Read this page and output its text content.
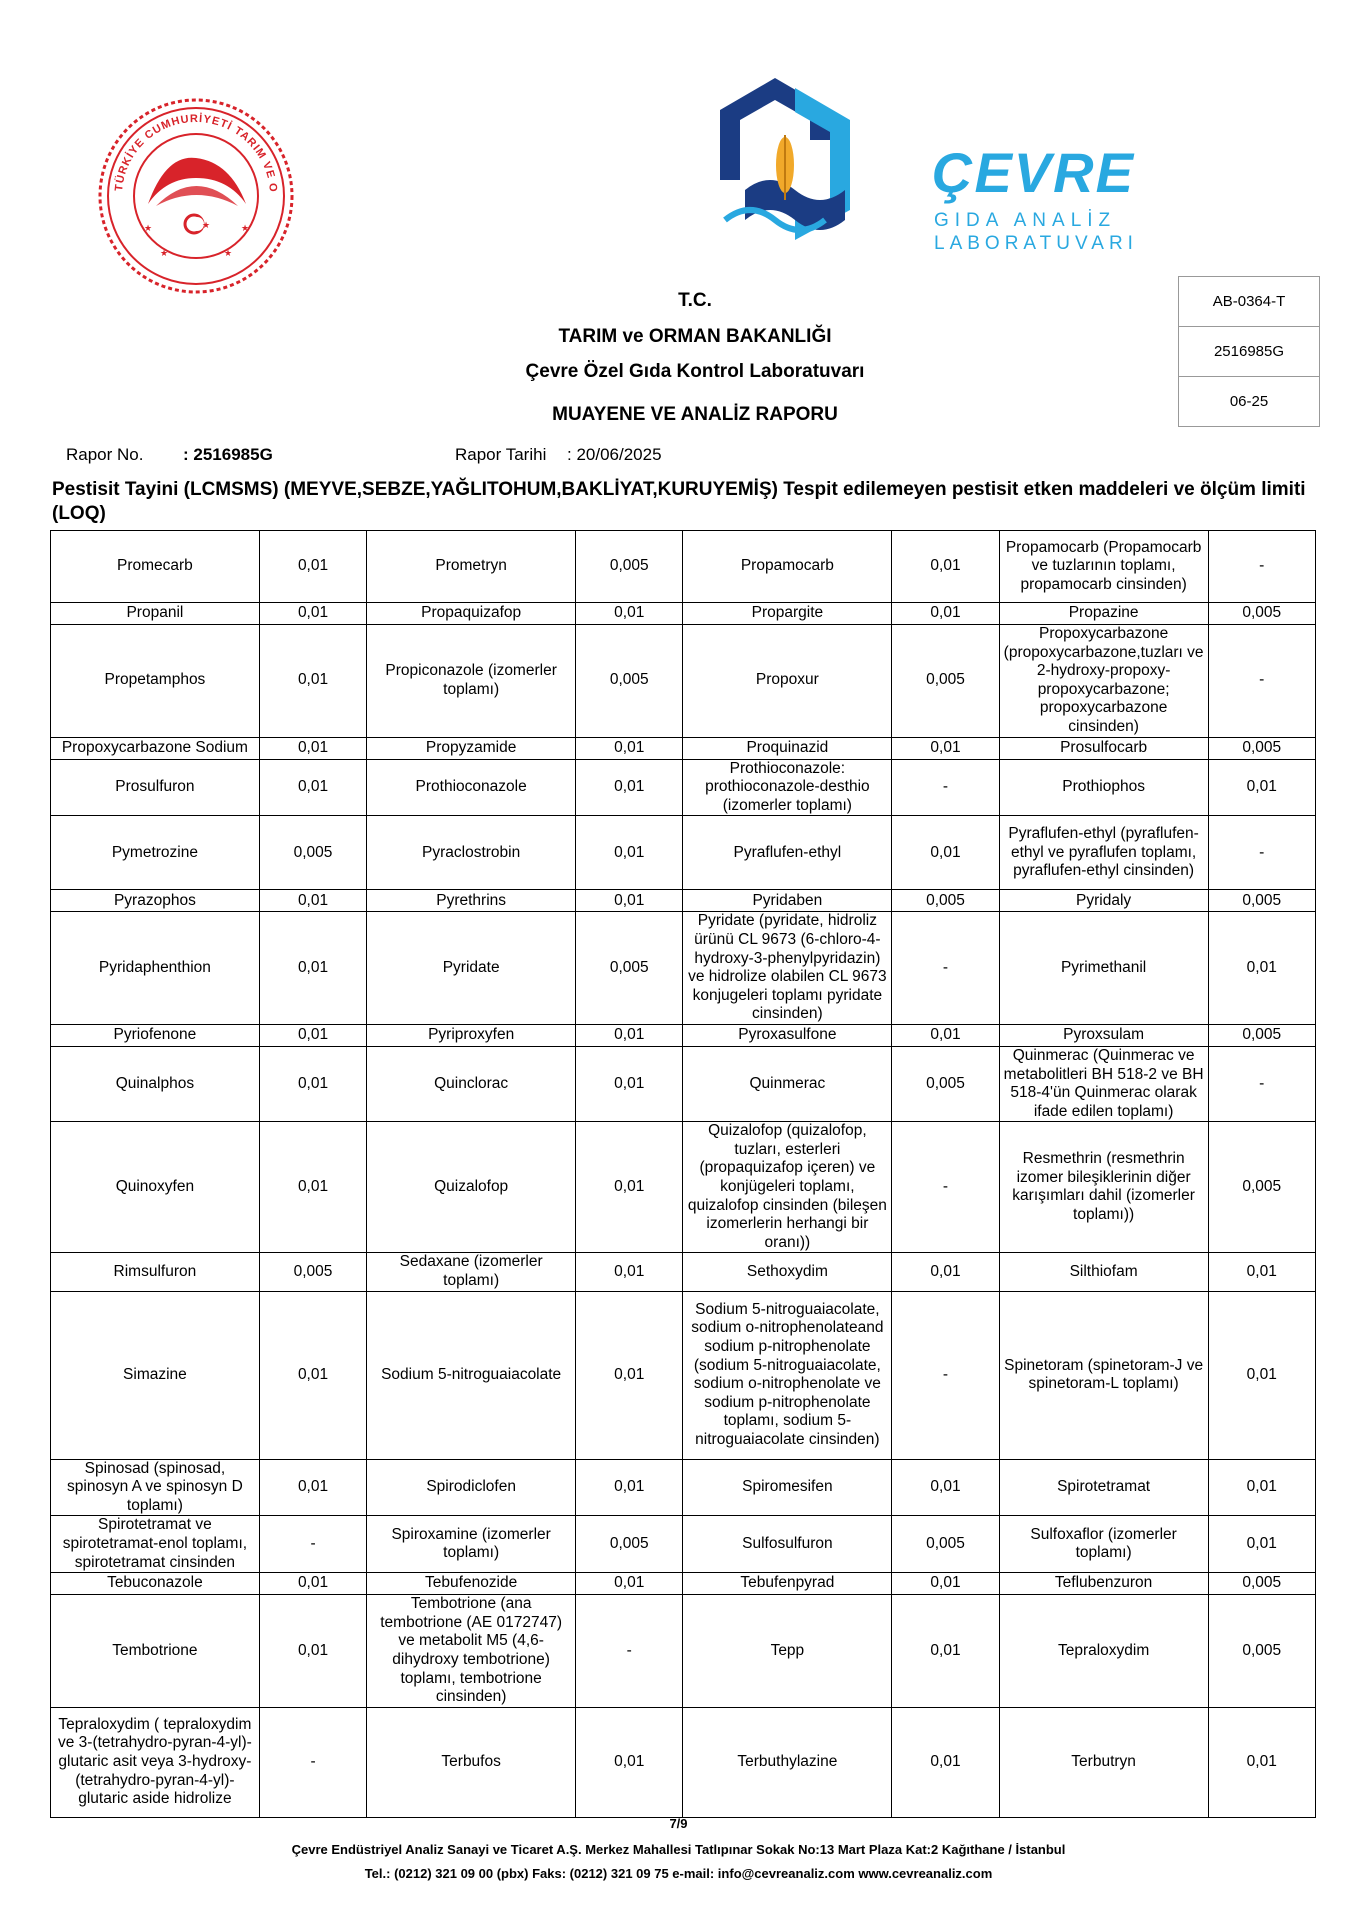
TÜRKİYE CUMHURİYETİ TARIM VE O
★
★	★
★	★
ÇEVRE
GIDA ANALİZ
LABORATUVARI
T.C.
TARIM ve ORMAN BAKANLIĞI
Çevre Özel Gıda Kontrol Laboratuvarı
MUAYENE VE ANALİZ RAPORU
AB-0364-T
2516985G
06-25
Rapor No. : 2516985G	Rapor Tarihi : 20/06/2025
Pestisit Tayini (LCMSMS) (MEYVE,SEBZE,YAĞLITOHUM,BAKLİYAT,KURUYEMİŞ) Tespit edilemeyen pestisit etken maddeleri ve ölçüm limiti (LOQ)
Promecarb	0,01	Prometryn	0,005	Propamocarb	0,01	Propamocarb (Propamocarb ve tuzlarının toplamı, propamocarb cinsinden)	-
Propanil	0,01	Propaquizafop	0,01	Propargite	0,01	Propazine	0,005
Propetamphos	0,01	Propiconazole (izomerler toplamı)	0,005	Propoxur	0,005	Propoxycarbazone (propoxycarbazone,tuzları ve 2-hydroxy-propoxy-propoxycarbazone; propoxycarbazone cinsinden)	-
Propoxycarbazone Sodium	0,01	Propyzamide	0,01	Proquinazid	0,01	Prosulfocarb	0,005
Prosulfuron	0,01	Prothioconazole	0,01	Prothioconazole: prothioconazole-desthio (izomerler toplamı)	-	Prothiophos	0,01
Pymetrozine	0,005	Pyraclostrobin	0,01	Pyraflufen-ethyl	0,01	Pyraflufen-ethyl (pyraflufen-ethyl ve pyraflufen toplamı, pyraflufen-ethyl cinsinden)	-
Pyrazophos	0,01	Pyrethrins	0,01	Pyridaben	0,005	Pyridaly	0,005
Pyridaphenthion	0,01	Pyridate	0,005	Pyridate (pyridate, hidroliz ürünü CL 9673 (6-chloro-4-hydroxy-3-phenylpyridazin) ve hidrolize olabilen CL 9673 konjugeleri toplamı pyridate cinsinden)	-	Pyrimethanil	0,01
Pyriofenone	0,01	Pyriproxyfen	0,01	Pyroxasulfone	0,01	Pyroxsulam	0,005
Quinalphos	0,01	Quinclorac	0,01	Quinmerac	0,005	Quinmerac (Quinmerac ve metabolitleri BH 518-2 ve BH 518-4'ün Quinmerac olarak ifade edilen toplamı)	-
Quinoxyfen	0,01	Quizalofop	0,01	Quizalofop (quizalofop, tuzları, esterleri (propaquizafop içeren) ve konjügeleri toplamı, quizalofop cinsinden (bileşen izomerlerin herhangi bir oranı))	-	Resmethrin (resmethrin izomer bileşiklerinin diğer karışımları dahil (izomerler toplamı))	0,005
Rimsulfuron	0,005	Sedaxane (izomerler toplamı)	0,01	Sethoxydim	0,01	Silthiofam	0,01
Simazine	0,01	Sodium 5-nitroguaiacolate	0,01	Sodium 5-nitroguaiacolate, sodium o-nitrophenolateand sodium p-nitrophenolate (sodium 5-nitroguaiacolate, sodium o-nitrophenolate ve sodium p-nitrophenolate toplamı, sodium 5-nitroguaiacolate cinsinden)	-	Spinetoram (spinetoram-J ve spinetoram-L toplamı)	0,01
Spinosad (spinosad, spinosyn A ve spinosyn D toplamı)	0,01	Spirodiclofen	0,01	Spiromesifen	0,01	Spirotetramat	0,01
Spirotetramat ve spirotetramat-enol toplamı, spirotetramat cinsinden	-	Spiroxamine (izomerler toplamı)	0,005	Sulfosulfuron	0,005	Sulfoxaflor (izomerler toplamı)	0,01
Tebuconazole	0,01	Tebufenozide	0,01	Tebufenpyrad	0,01	Teflubenzuron	0,005
Tembotrione	0,01	Tembotrione (ana tembotrione (AE 0172747) ve metabolit M5 (4,6-dihydroxy tembotrione) toplamı, tembotrione cinsinden)	-	Tepp	0,01	Tepraloxydim	0,005
Tepraloxydim ( tepraloxydim ve 3-(tetrahydro-pyran-4-yl)-glutaric asit veya 3-hydroxy-(tetrahydro-pyran-4-yl)-glutaric aside hidrolize	-	Terbufos	0,01	Terbuthylazine	0,01	Terbutryn	0,01
7/9
Çevre Endüstriyel Analiz Sanayi ve Ticaret A.Ş. Merkez Mahallesi Tatlıpınar Sokak No:13 Mart Plaza Kat:2 Kağıthane / İstanbul
Tel.: (0212) 321 09 00 (pbx) Faks: (0212) 321 09 75 e-mail: info@cevreanaliz.com www.cevreanaliz.com
